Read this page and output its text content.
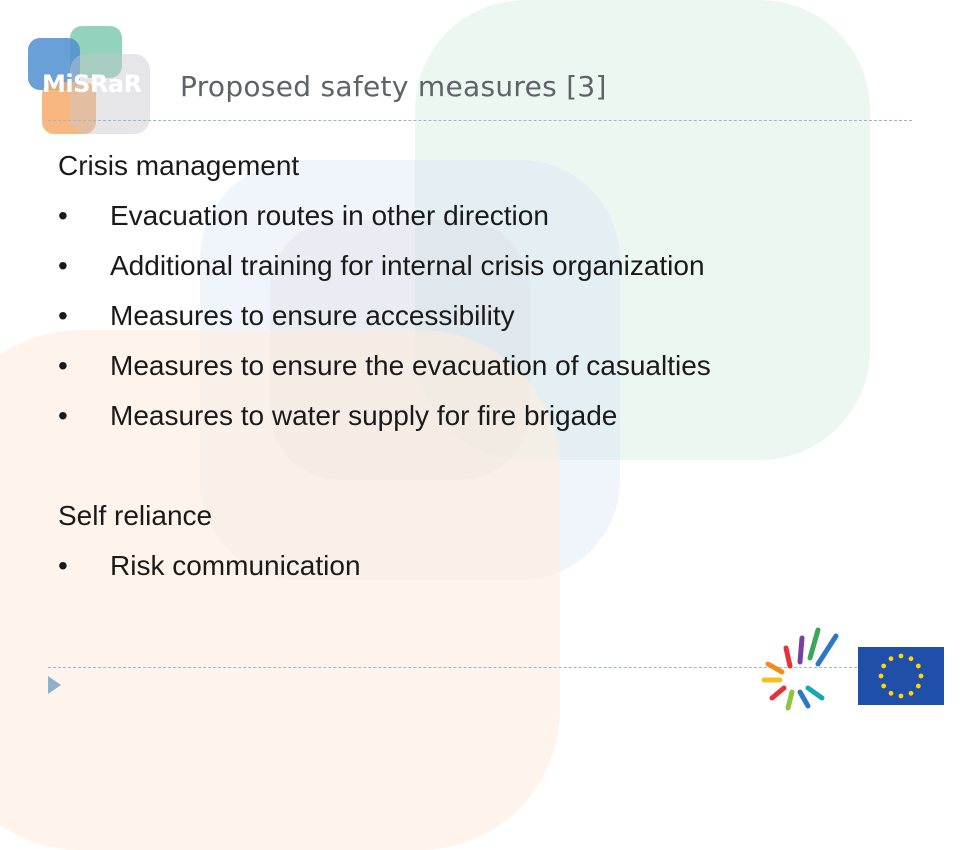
MiSRaR Proposed safety measures [3]
Crisis management
• Evacuation routes in other direction
• Additional training for internal crisis organization
• Measures to ensure accessibility
• Measures to ensure the evacuation of casualties
• Measures to water supply for fire brigade
Self reliance
• Risk communication
